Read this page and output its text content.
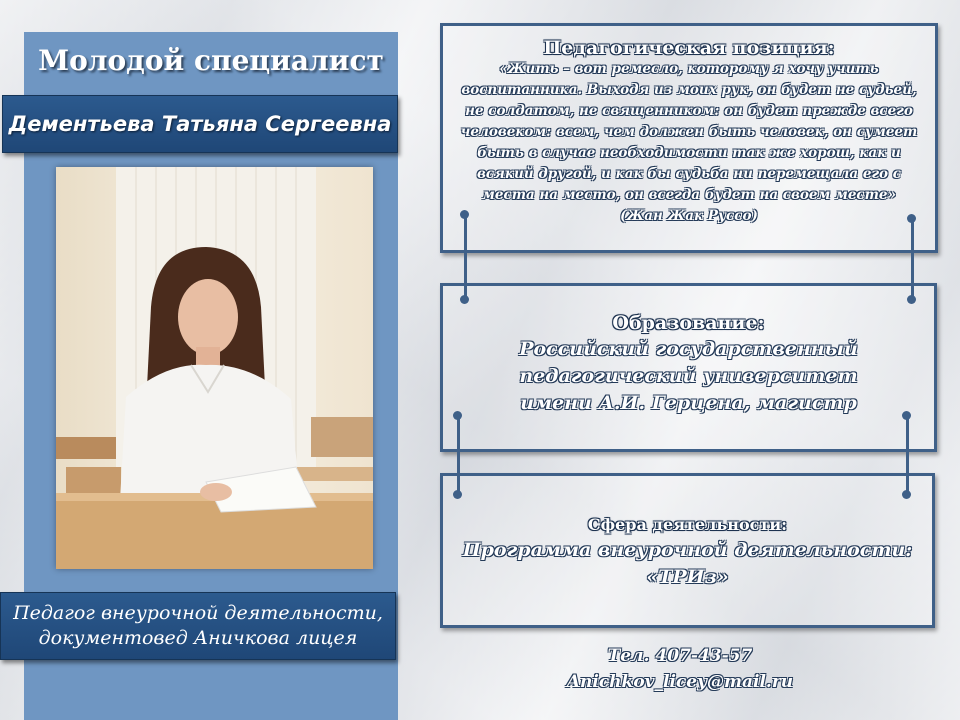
Молодой специалист
Дементьева Татьяна Сергеевна
Педагог внеурочной деятельности,
документовед Аничкова лицея
Педагогическая позиция:
«Жить – вот ремесло, которому я хочу учить
воспитанника. Выходя из моих рук, он будет не судьей,
не солдатом, не священником: он будет прежде всего
человеком: всем, чем должен быть человек, он сумеет
быть в случае необходимости так же хорош, как и
всякий другой, и как бы судьба ни перемещала его с
места на место, он всегда будет на своем месте»
(Жан Жак Руссо)
Образование:
Российский государственный
педагогический университет
имени А.И. Герцена, магистр
Сфера деятельности:
Программа внеурочной деятельности:
«ТРИз»
Тел. 407-43-57
Anichkov_licey@mail.ru
